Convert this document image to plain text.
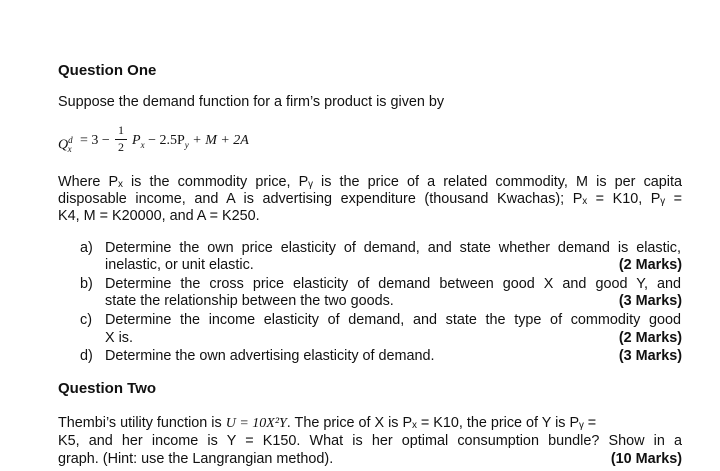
Question One
Suppose the demand function for a firm’s product is given by
$Q^d_x$
= 3 −
1
2 $P_x - 2.5P_y + M + 2A$
Where Pₓ is the commodity price, Pᵧ is the price of a related commodity, M is per capita
disposable income, and A is advertising expenditure (thousand Kwachas); Pₓ = K10, Pᵧ =
K4, M = K20000, and A = K250.
a) Determine the own price elasticity of demand, and state whether demand is elastic,
inelastic, or unit elastic.	(2 Marks)
b) Determine the cross price elasticity of demand between good X and good Y, and
state the relationship between the two goods.	(3 Marks)
c) Determine the income elasticity of demand, and state the type of commodity good
X is.	(2 Marks)
d) Determine the own advertising elasticity of demand.	(3 Marks)
Question Two
Thembi’s utility function is U = 10X²Y. The price of X is Pₓ = K10, the price of Y is Pᵧ =
K5, and her income is Y = K150. What is her optimal consumption bundle? Show in a
graph. (Hint: use the Langrangian method).	(10 Marks)
